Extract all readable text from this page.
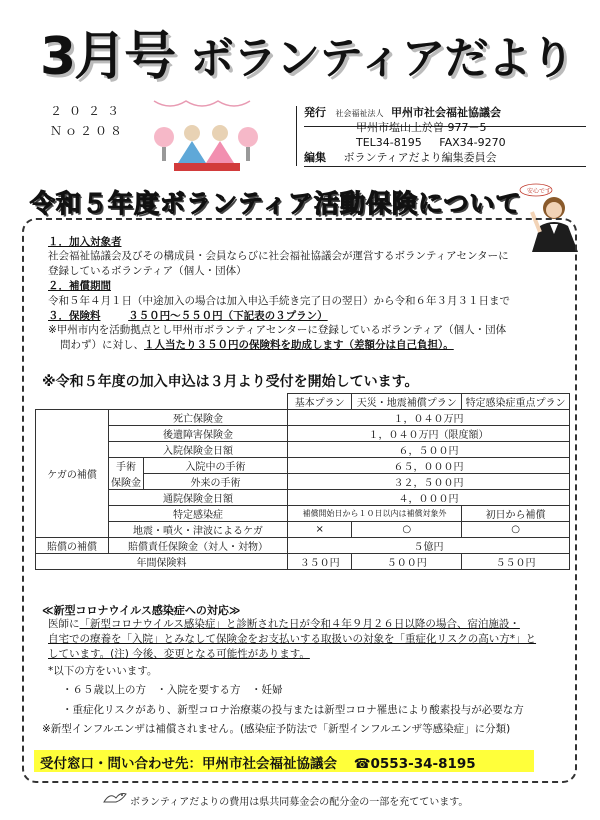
3月号 ボランティアだより
２０２３
Ｎｏ２０８
発行 社会福祉法人 甲州市社会福祉協議会
甲州市塩山上於曽 977－5
TEL34-8195 FAX34-9270
編集 ボランティアだより編集委員会
令和５年度ボランティア活動保険について 安心です
１．加入対象者
社会福祉協議会及びその構成員・会員ならびに社会福祉協議会が運営するボランティアセンターに
登録しているボランティア（個人・団体）
２．補償期間
令和５年４月１日（中途加入の場合は加入申込手続き完了日の翌日）から令和６年３月３１日まで
３．保険料	３５０円～５５０円（下記表の３プラン）
※甲州市内を活動拠点とし甲州市ボランティアセンターに登録しているボランティア（個人・団体
問わず）に対し、１人当たり３５０円の保険料を助成します（差額分は自己負担）。
※令和５年度の加入申込は３月より受付を開始しています。
			基本プラン	天災・地震補償プラン	特定感染症重点プラン
ケガの補償	死亡保険金		１，０４０万円		
	後遺障害保険金		１，０４０万円（限度額）		
	入院保険金日額		６，５００円		
	手術	入院中の手術	６５，０００円		
	保険金	外来の手術	３２，５００円		
	通院保険金日額		４，０００円		
	特定感染症		補償開始日から１０日以内は補償対象外		初日から補償
	地震・噴火・津波によるケガ		×	○	○
賠償の補償	賠償責任保険金（対人・対物）		５億円		
年間保険料			３５０円	５００円	５５０円
≪新型コロナウイルス感染症への対応≫
医師に「新型コロナウイルス感染症」と診断された日が令和４年９月２６日以降の場合、宿泊施設・
自宅での療養を「入院」とみなして保険金をお支払いする取扱いの対象を「重症化リスクの高い方*」と
しています。(注) 今後、変更となる可能性があります。
*以下の方をいいます。
・６５歳以上の方　・入院を要する方　・妊婦
・重症化リスクがあり、新型コロナ治療薬の投与または新型コロナ罹患により酸素投与が必要な方
※新型インフルエンザは補償されません。(感染症予防法で「新型インフルエンザ等感染症」に分類)
受付窓口・問い合わせ先：甲州市社会福祉協議会 ☎0553-34-8195
ボランティアだよりの費用は県共同募金会の配分金の一部を充てています。
